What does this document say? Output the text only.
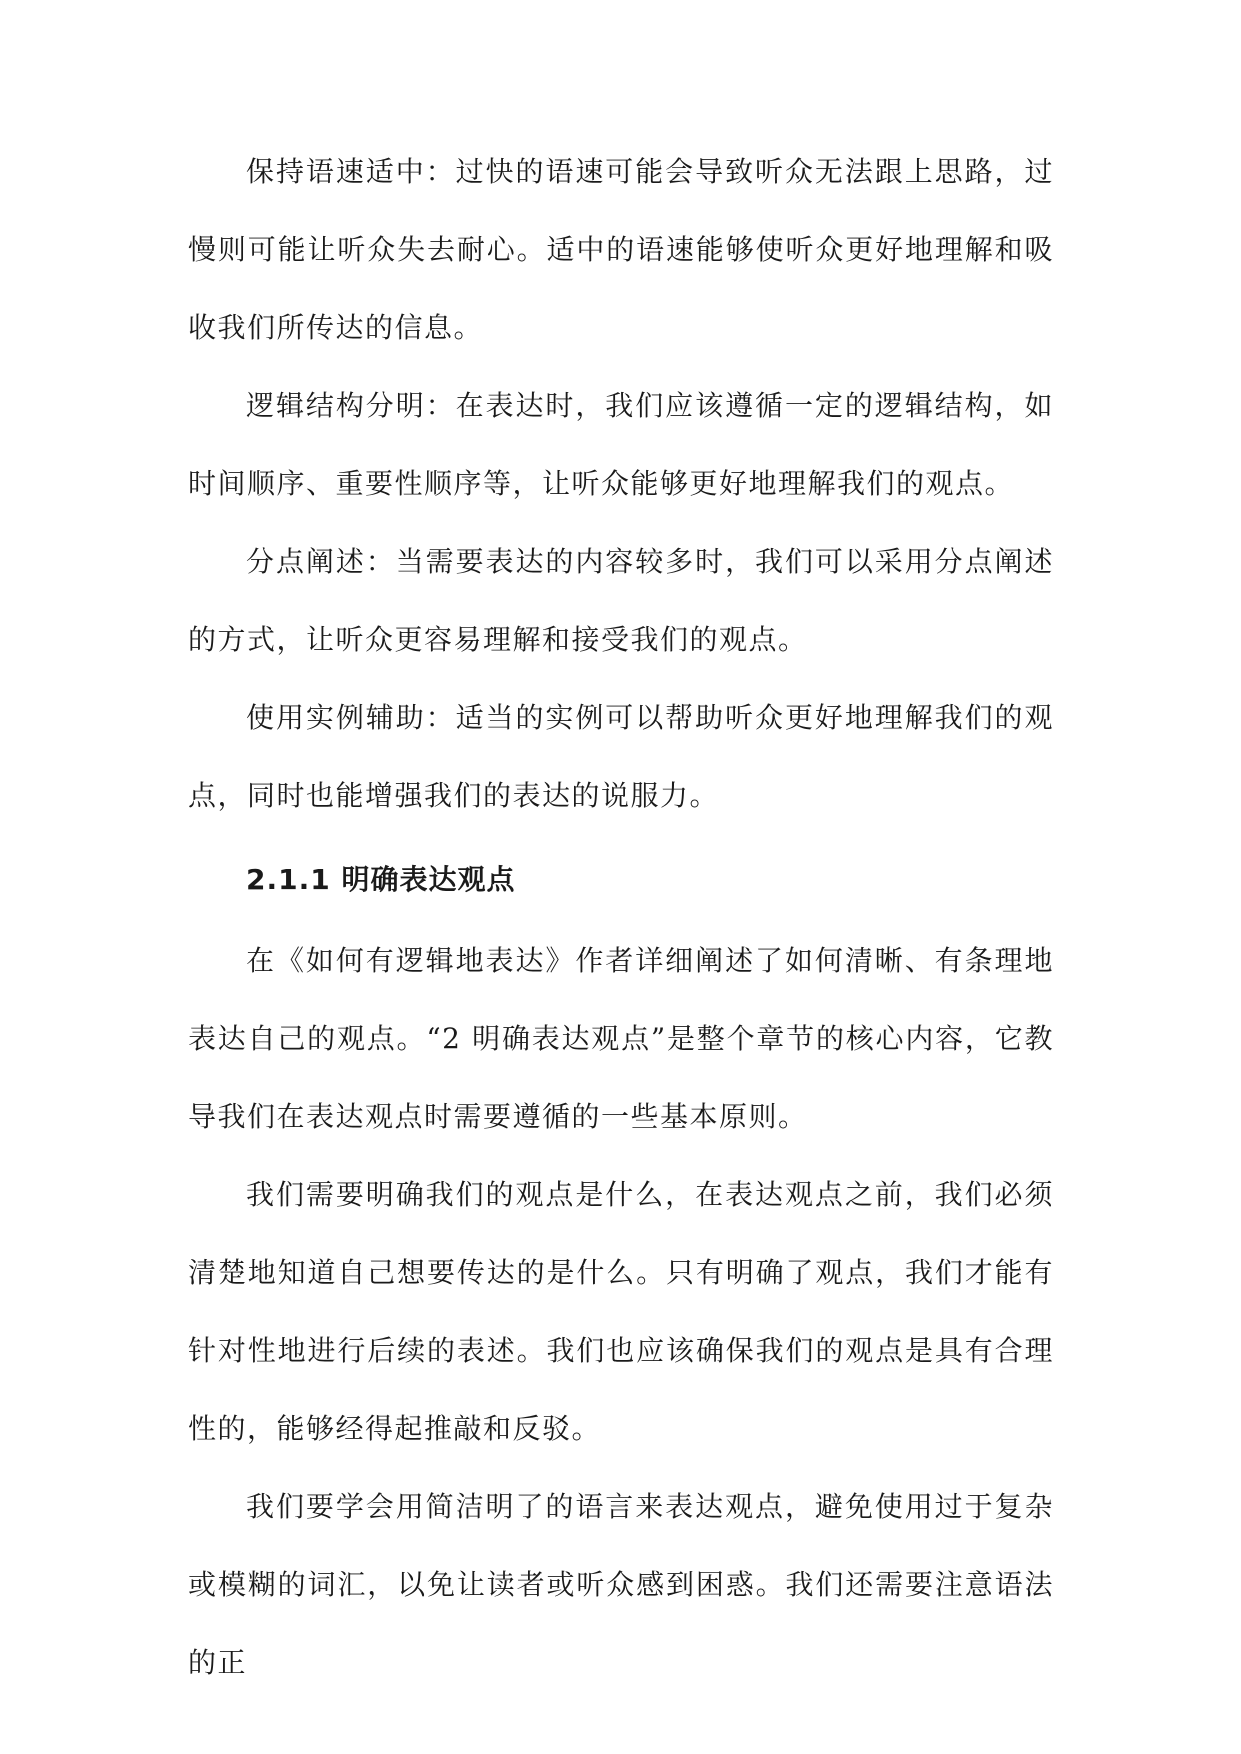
保持语速适中：过快的语速可能会导致听众无法跟上思路，过慢则可能让听众失去耐心。适中的语速能够使听众更好地理解和吸收我们所传达的信息。

逻辑结构分明：在表达时，我们应该遵循一定的逻辑结构，如时间顺序、重要性顺序等，让听众能够更好地理解我们的观点。

分点阐述：当需要表达的内容较多时，我们可以采用分点阐述的方式，让听众更容易理解和接受我们的观点。

使用实例辅助：适当的实例可以帮助听众更好地理解我们的观点，同时也能增强我们的表达的说服力。

2.1.1 明确表达观点

在《如何有逻辑地表达》作者详细阐述了如何清晰、有条理地表达自己的观点。“2 明确表达观点”是整个章节的核心内容，它教导我们在表达观点时需要遵循的一些基本原则。

我们需要明确我们的观点是什么，在表达观点之前，我们必须清楚地知道自己想要传达的是什么。只有明确了观点，我们才能有针对性地进行后续的表述。我们也应该确保我们的观点是具有合理性的，能够经得起推敲和反驳。

我们要学会用简洁明了的语言来表达观点，避免使用过于复杂或模糊的词汇，以免让读者或听众感到困惑。我们还需要注意语法的正
